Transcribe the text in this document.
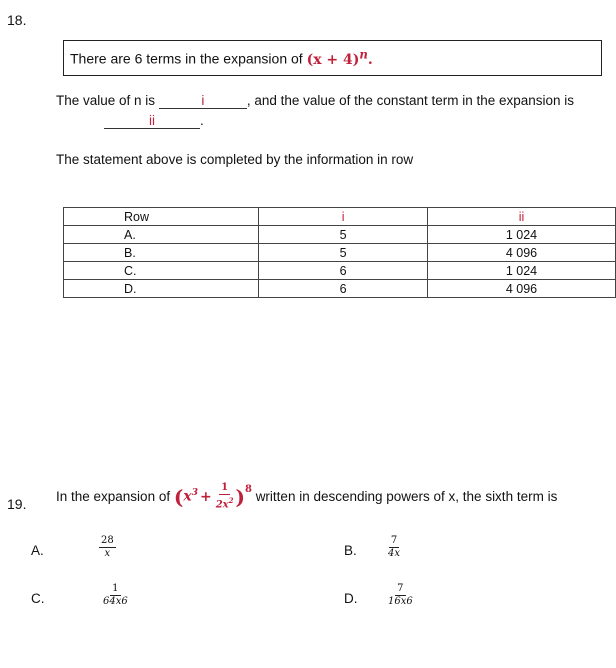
18.
There are 6 terms in the expansion of $(x + 4)^n$.
The value of n is	i	, and the value of the constant term in the expansion is
ii	.
The statement above is completed by the information in row
Row	i	ii
A.	5	1 024
B.	5	4 096
C.	6	1 024
D.	6	4 096
19. In the expansion of
( $x^3 + \frac{1}{2x^2} )^8$
written in descending powers of x, the sixth term is
A.	$\frac{28}{x}$	B.	$\frac{7}{4x}$
C.	$\frac{1}{64x6}$	D.	$\frac{7}{16x6}$
